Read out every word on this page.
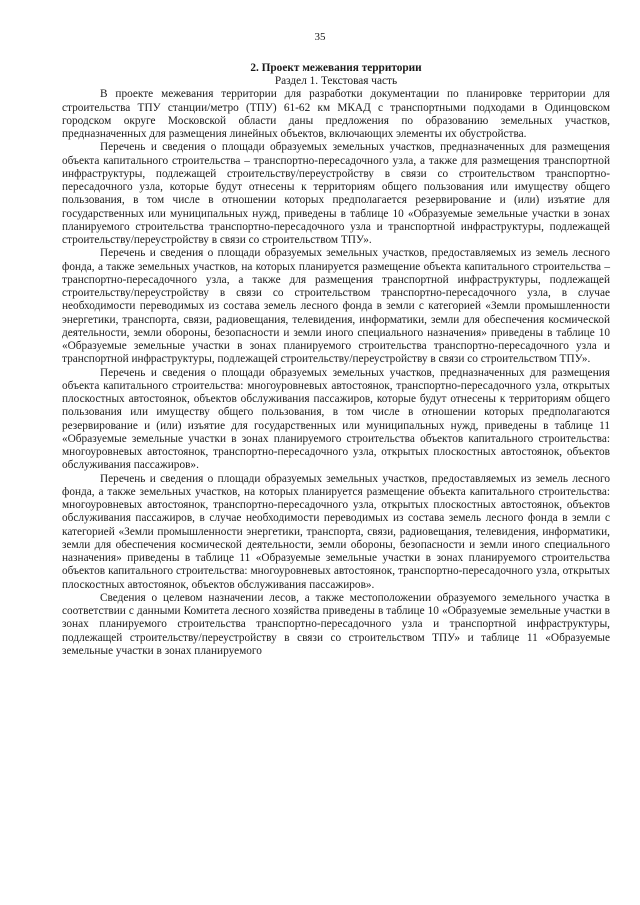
35

2. Проект межевания территории

Раздел 1. Текстовая часть

В проекте межевания территории для разработки документации по планировке территории для строительства ТПУ станции/метро (ТПУ) 61-62 км МКАД с транспортными подходами в Одинцовском городском округе Московской области даны предложения по образованию земельных участков, предназначенных для размещения линейных объектов, включающих элементы их обустройства.

Перечень и сведения о площади образуемых земельных участков, предназначенных для размещения объекта капитального строительства – транспортно-пересадочного узла, а также для размещения транспортной инфраструктуры, подлежащей строительству/переустройству в связи со строительством транспортно-пересадочного узла, которые будут отнесены к территориям общего пользования или имуществу общего пользования, в том числе в отношении которых предполагается резервирование и (или) изъятие для государственных или муниципальных нужд, приведены в таблице 10 «Образуемые земельные участки в зонах планируемого строительства транспортно-пересадочного узла и транспортной инфраструктуры, подлежащей строительству/переустройству в связи со строительством ТПУ».

Перечень и сведения о площади образуемых земельных участков, предоставляемых из земель лесного фонда, а также земельных участков, на которых планируется размещение объекта капитального строительства – транспортно-пересадочного узла, а также для размещения транспортной инфраструктуры, подлежащей строительству/переустройству в связи со строительством транспортно-пересадочного узла, в случае необходимости переводимых из состава земель лесного фонда в земли с категорией «Земли промышленности энергетики, транспорта, связи, радиовещания, телевидения, информатики, земли для обеспечения космической деятельности, земли обороны, безопасности и земли иного специального назначения» приведены в таблице 10 «Образуемые земельные участки в зонах планируемого строительства транспортно-пересадочного узла и транспортной инфраструктуры, подлежащей строительству/переустройству в связи со строительством ТПУ».

Перечень и сведения о площади образуемых земельных участков, предназначенных для размещения объекта капитального строительства: многоуровневых автостоянок, транспортно-пересадочного узла, открытых плоскостных автостоянок, объектов обслуживания пассажиров, которые будут отнесены к территориям общего пользования или имуществу общего пользования, в том числе в отношении которых предполагаются резервирование и (или) изъятие для государственных или муниципальных нужд, приведены в таблице 11 «Образуемые земельные участки в зонах планируемого строительства объектов капитального строительства: многоуровневых автостоянок, транспортно-пересадочного узла, открытых плоскостных автостоянок, объектов обслуживания пассажиров».

Перечень и сведения о площади образуемых земельных участков, предоставляемых из земель лесного фонда, а также земельных участков, на которых планируется размещение объекта капитального строительства: многоуровневых автостоянок, транспортно-пересадочного узла, открытых плоскостных автостоянок, объектов обслуживания пассажиров, в случае необходимости переводимых из состава земель лесного фонда в земли с категорией «Земли промышленности энергетики, транспорта, связи, радиовещания, телевидения, информатики, земли для обеспечения космической деятельности, земли обороны, безопасности и земли иного специального назначения» приведены в таблице 11 «Образуемые земельные участки в зонах планируемого строительства объектов капитального строительства: многоуровневых автостоянок, транспортно-пересадочного узла, открытых плоскостных автостоянок, объектов обслуживания пассажиров».

Сведения о целевом назначении лесов, а также местоположении образуемого земельного участка в соответствии с данными Комитета лесного хозяйства приведены в таблице 10 «Образуемые земельные участки в зонах планируемого строительства транспортно-пересадочного узла и транспортной инфраструктуры, подлежащей строительству/переустройству в связи со строительством ТПУ» и таблице 11 «Образуемые земельные участки в зонах планируемого
